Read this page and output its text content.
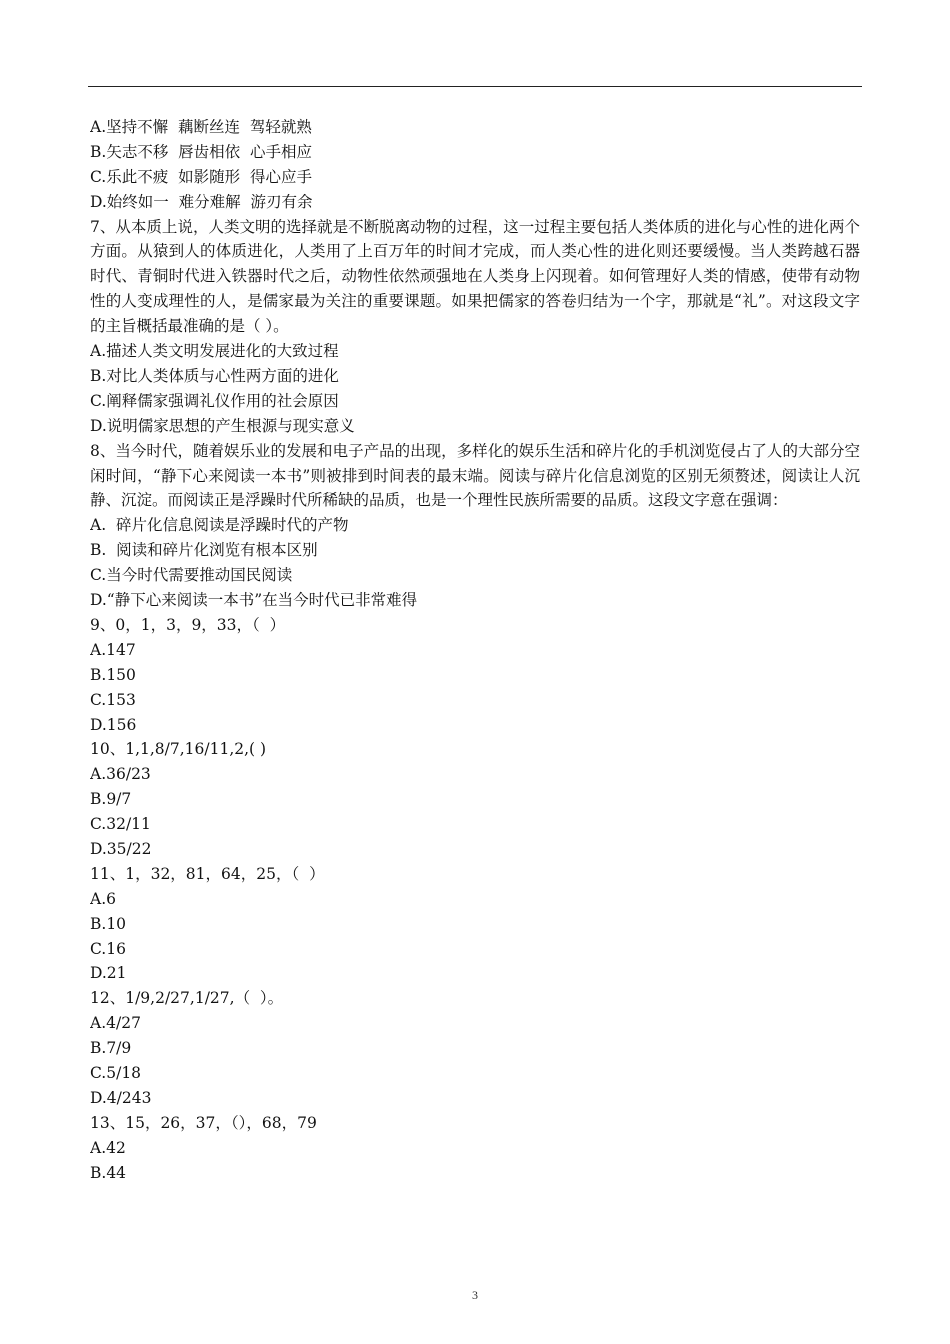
A.坚持不懈  藕断丝连  驾轻就熟
B.矢志不移  唇齿相依  心手相应
C.乐此不疲  如影随形  得心应手
D.始终如一  难分难解  游刃有余
7、从本质上说，人类文明的选择就是不断脱离动物的过程，这一过程主要包括人类体质的进化与心性的进化两个方面。从猿到人的体质进化，人类用了上百万年的时间才完成，而人类心性的进化则还要缓慢。当人类跨越石器时代、青铜时代进入铁器时代之后，动物性依然顽强地在人类身上闪现着。如何管理好人类的情感，使带有动物性的人变成理性的人，是儒家最为关注的重要课题。如果把儒家的答卷归结为一个字，那就是“礼”。对这段文字的主旨概括最准确的是（ ）。
A.描述人类文明发展进化的大致过程
B.对比人类体质与心性两方面的进化
C.阐释儒家强调礼仪作用的社会原因
D.说明儒家思想的产生根源与现实意义
8、当今时代，随着娱乐业的发展和电子产品的出现，多样化的娱乐生活和碎片化的手机浏览侵占了人的大部分空闲时间，“静下心来阅读一本书”则被排到时间表的最末端。阅读与碎片化信息浏览的区别无须赘述，阅读让人沉静、沉淀。而阅读正是浮躁时代所稀缺的品质，也是一个理性民族所需要的品质。这段文字意在强调：
A.  碎片化信息阅读是浮躁时代的产物
B.  阅读和碎片化浏览有根本区别
C.当今时代需要推动国民阅读
D.“静下心来阅读一本书”在当今时代已非常难得
9、0，1，3，9，33，（  ）
A.147
B.150
C.153
D.156
10、1,1,8/7,16/11,2,( )
A.36/23
B.9/7
C.32/11
D.35/22
11、1，32，81，64，25，（  ）
A.6
B.10
C.16
D.21
12、1/9,2/27,1/27,（  ）。
A.4/27
B.7/9
C.5/18
D.4/243
13、15，26，37，（），68，79
A.42
B.44
3
